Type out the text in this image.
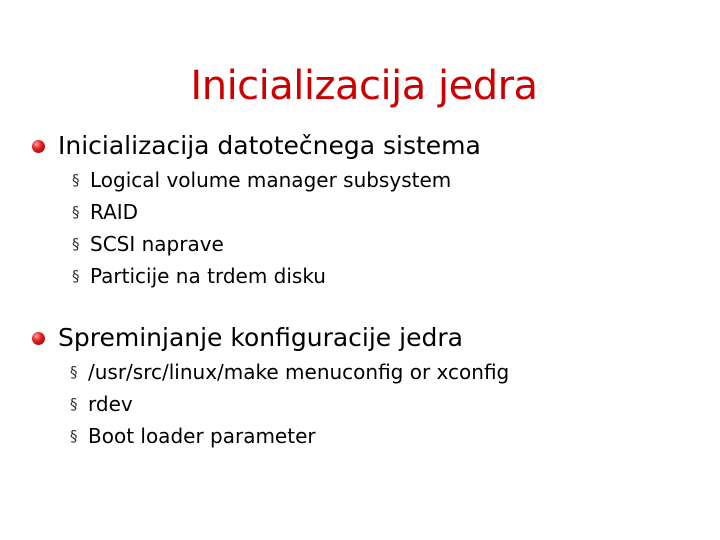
Inicializacija jedra
Inicializacija datotečnega sistema
§ Logical volume manager subsystem
§ RAID
§ SCSI naprave
§ Particije na trdem disku
Spreminjanje konfiguracije jedra
§ /usr/src/linux/make menuconfig or xconfig
§ rdev
§ Boot loader parameter
